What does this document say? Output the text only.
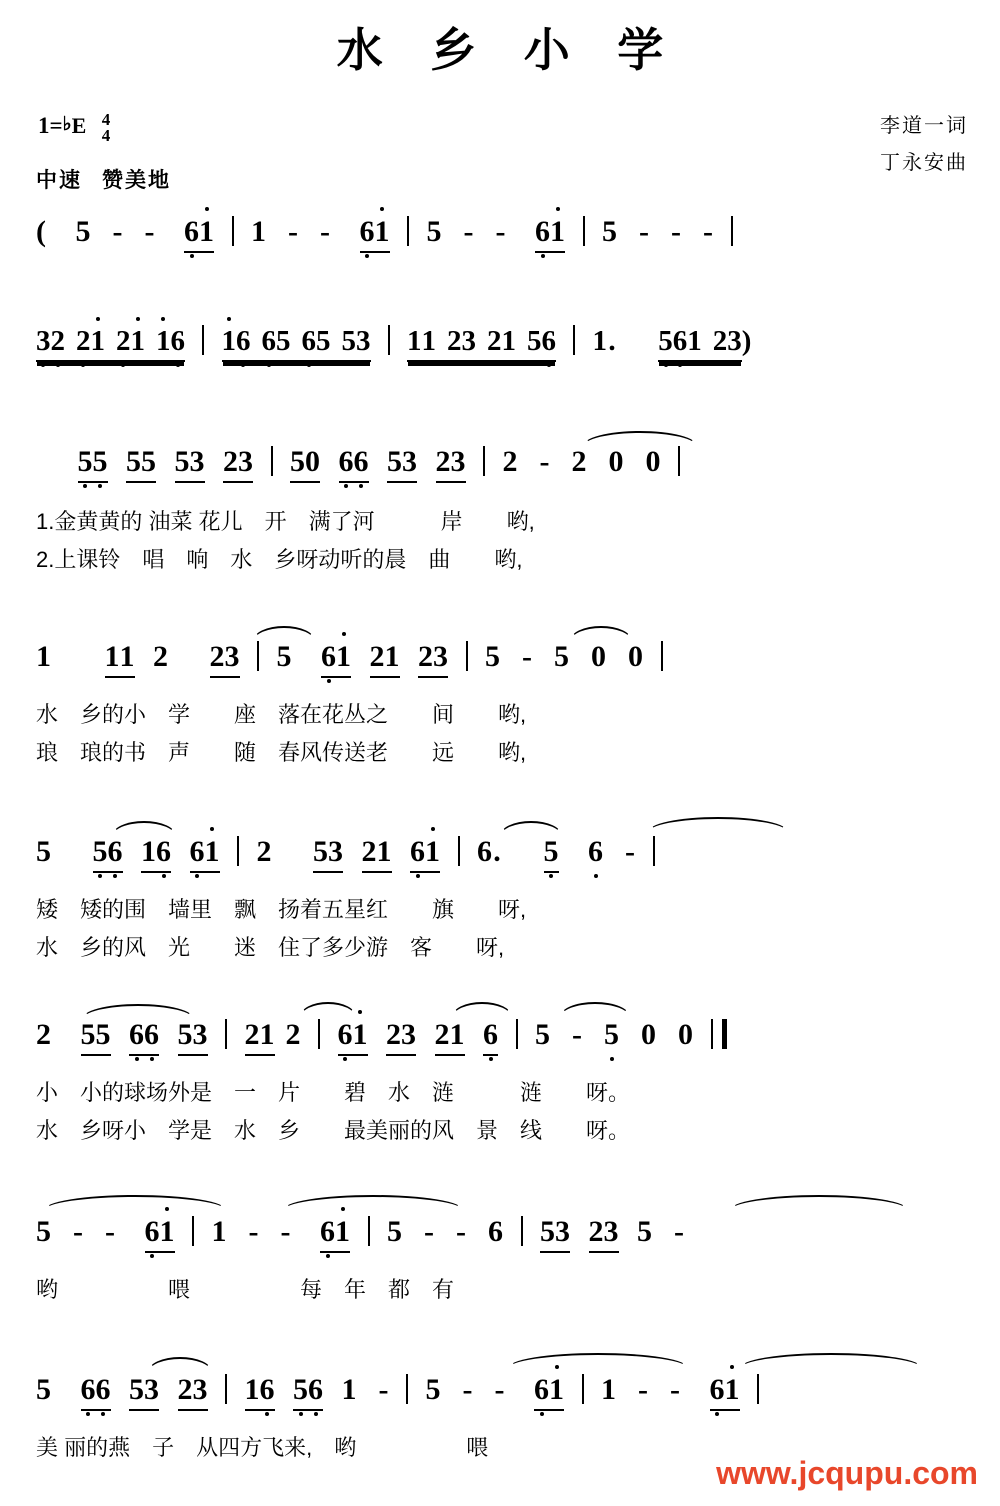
水 乡 小 学
1=♭E 4
4
中速 赞美地
李道一词
丁永安曲
( 5 - - 61 1 - - 61 5 - - 61 5 - - -
32 21 21 16 16 65 65 53 11 23 21 56 1. 561 23)
55 55 53 23 50 66 53 23 2 - 2 0 0
1.金黄黄的 油菜 花儿　开　满了河　　　岸　　哟,
2.上课铃　唱　响　水　乡呀动听的晨　曲　　哟,
1 11 2 23 5 61 21 23 5 - 5 0 0
水　乡的小　学　　座　落在花丛之　　间　　哟,
琅　琅的书　声　　随　春风传送老　　远　　哟,
5 56 16 61 2 53 21 61 6. 5 6 -
矮　矮的围　墙里　飘　扬着五星红　　旗　　呀,
水　乡的风　光　　迷　住了多少游　客　　呀,
2 55 66 53 21 2 61 23 21 6 5 - 5 0 0
小　小的球场外是　一　片　　碧　水　涟　　　涟　　呀。
水　乡呀小　学是　水　乡　　最美丽的风　景　线　　呀。
5 - - 61 1 - - 61 5 - - 6 53 23 5 -
哟　　　　　喂　　　　　每　年　都　有
5 66 53 23 16 56 1 - 5 - - 61 1 - - 61
美 丽的燕　子　从四方飞来,　哟　　　　　喂
www.jcqupu.com
